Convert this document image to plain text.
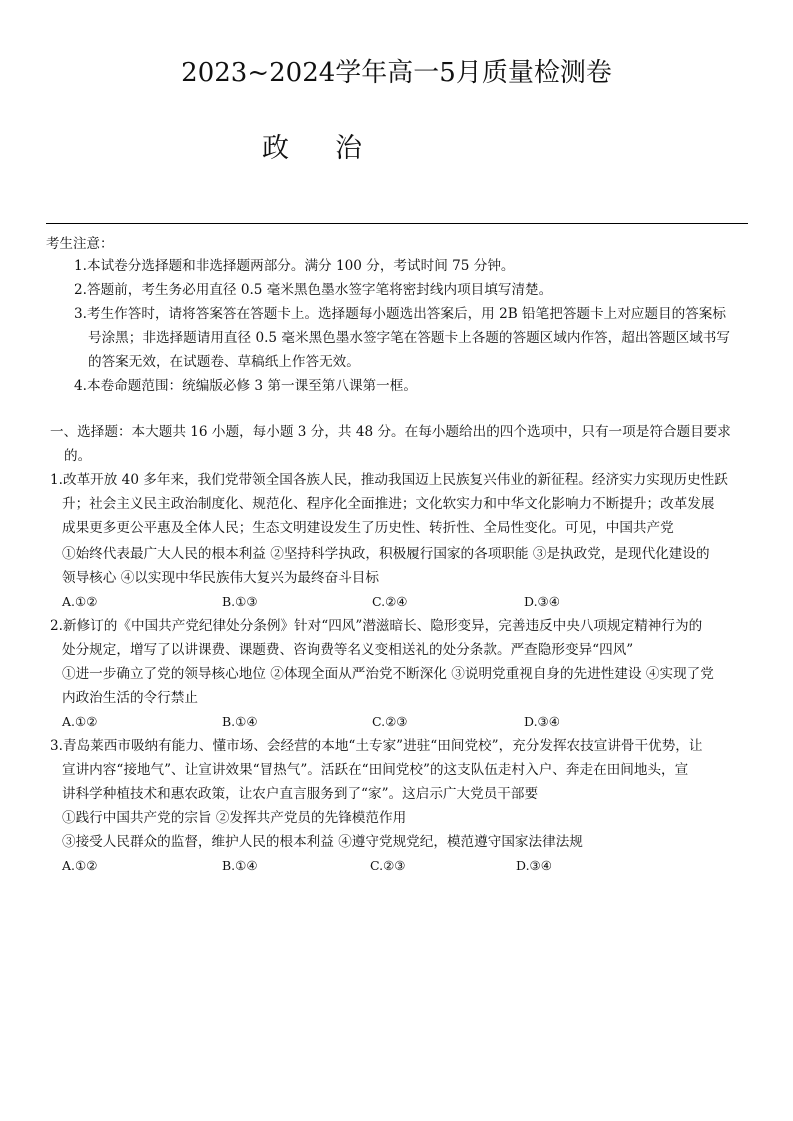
2023~2024学年高一5月质量检测卷
政 治
考生注意：
1.本试卷分选择题和非选择题两部分。满分 100 分，考试时间 75 分钟。
2.答题前，考生务必用直径 0.5 毫米黑色墨水签字笔将密封线内项目填写清楚。
3.考生作答时，请将答案答在答题卡上。选择题每小题选出答案后，用 2B 铅笔把答题卡上对应题目的答案标
号涂黑；非选择题请用直径 0.5 毫米黑色墨水签字笔在答题卡上各题的答题区域内作答，超出答题区域书写
的答案无效，在试题卷、草稿纸上作答无效。
4.本卷命题范围：统编版必修 3 第一课至第八课第一框。
一、选择题：本大题共 16 小题，每小题 3 分，共 48 分。在每小题给出的四个选项中，只有一项是符合题目要求
的。
1.改革开放 40 多年来，我们党带领全国各族人民，推动我国迈上民族复兴伟业的新征程。经济实力实现历史性跃
升；社会主义民主政治制度化、规范化、程序化全面推进；文化软实力和中华文化影响力不断提升；改革发展
成果更多更公平惠及全体人民；生态文明建设发生了历史性、转折性、全局性变化。可见，中国共产党
①始终代表最广大人民的根本利益 ②坚持科学执政，积极履行国家的各项职能 ③是执政党，是现代化建设的
领导核心 ④以实现中华民族伟大复兴为最终奋斗目标
A.①②	B.①③	C.②④	D.③④
2.新修订的《中国共产党纪律处分条例》针对“四风”潜滋暗长、隐形变异，完善违反中央八项规定精神行为的
处分规定，增写了以讲课费、课题费、咨询费等名义变相送礼的处分条款。严查隐形变异“四风”
①进一步确立了党的领导核心地位 ②体现全面从严治党不断深化 ③说明党重视自身的先进性建设 ④实现了党
内政治生活的令行禁止
A.①②	B.①④	C.②③	D.③④
3.青岛莱西市吸纳有能力、懂市场、会经营的本地“土专家”进驻“田间党校”，充分发挥农技宣讲骨干优势，让
宣讲内容“接地气”、让宣讲效果“冒热气”。活跃在“田间党校”的这支队伍走村入户、奔走在田间地头，宣
讲科学种植技术和惠农政策，让农户直言服务到了“家”。这启示广大党员干部要
①践行中国共产党的宗旨 ②发挥共产党员的先锋模范作用
③接受人民群众的监督，维护人民的根本利益 ④遵守党规党纪，模范遵守国家法律法规
A.①②	B.①④	C.②③	D.③④
